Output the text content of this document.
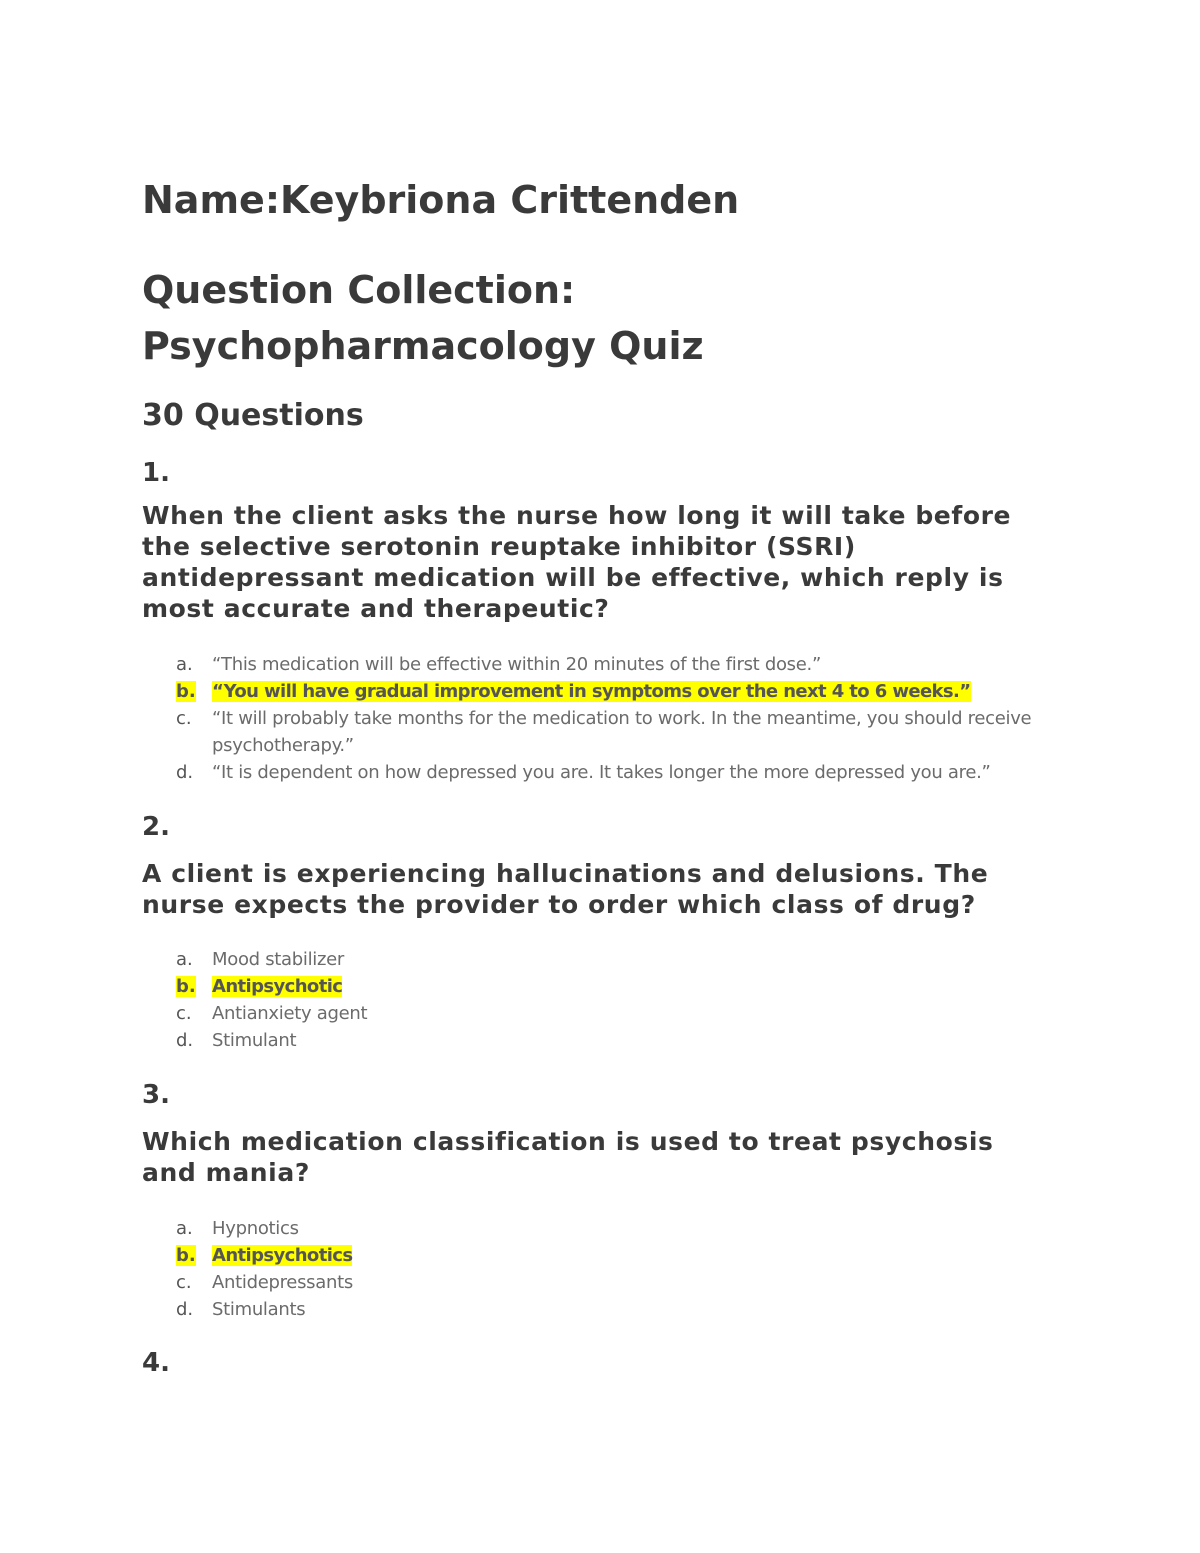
Name:Keybriona Crittenden
Question Collection: Psychopharmacology Quiz
30 Questions
1.

When the client asks the nurse how long it will take before the selective serotonin reuptake inhibitor (SSRI) antidepressant medication will be effective, which reply is most accurate and therapeutic?

a.	“This medication will be effective within 20 minutes of the first dose.”
b. “You will have gradual improvement in symptoms over the next 4 to 6 weeks.”
c.	“It will probably take months for the medication to work. In the meantime, you should receive psychotherapy.”
d.	“It is dependent on how depressed you are. It takes longer the more depressed you are.”
2.

A client is experiencing hallucinations and delusions. The nurse expects the provider to order which class of drug?

a.	Mood stabilizer
b. Antipsychotic
c.	Antianxiety agent
d.	Stimulant
3.

Which medication classification is used to treat psychosis and mania?

a.	Hypnotics
b. Antipsychotics
c.	Antidepressants
d.	Stimulants
4.
